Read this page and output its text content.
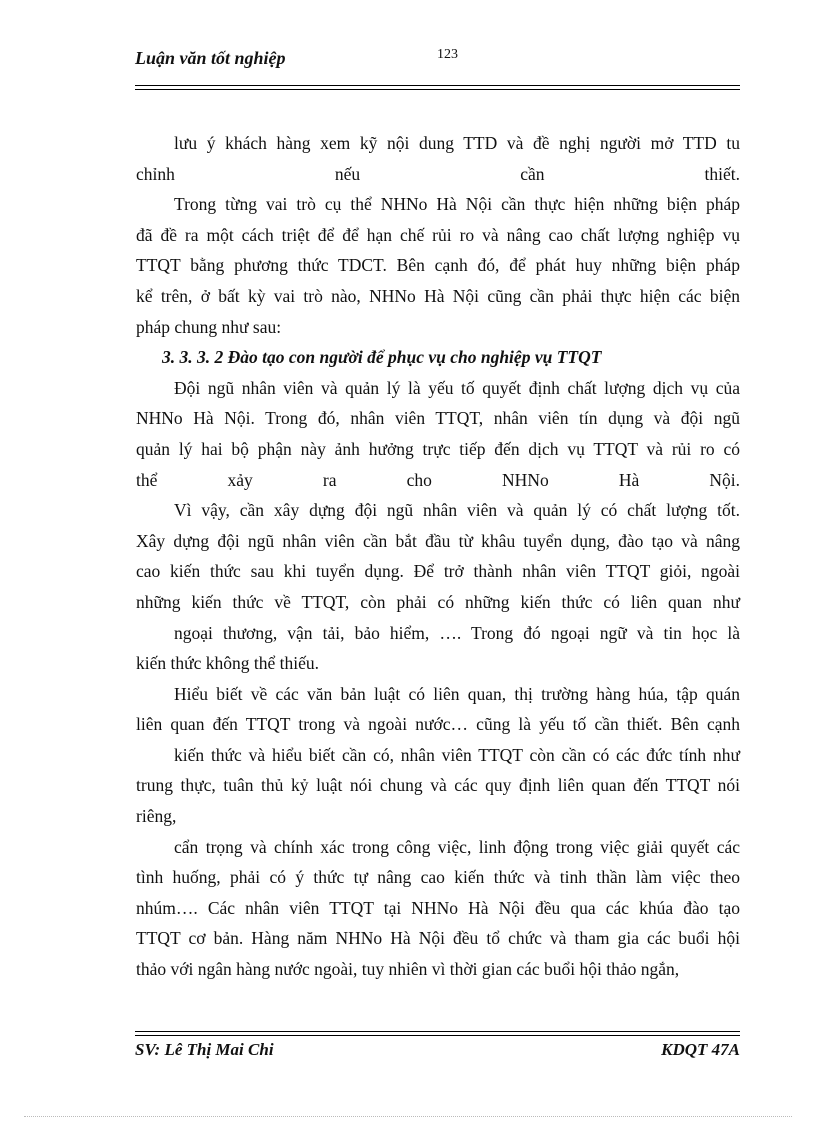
Luận văn tốt nghiệp	123

lưu ý khách hàng xem kỹ nội dung TTD và đề nghị người mở TTD tu

chỉnh nếu cần thiết.

Trong từng vai trò cụ thể NHNo Hà Nội cần thực hiện những biện pháp

đã đề ra một cách triệt để để hạn chế rủi ro và nâng cao chất lượng nghiệp vụ

TTQT bằng phương thức TDCT. Bên cạnh đó, để phát huy những biện pháp

kể trên, ở bất kỳ vai trò nào, NHNo Hà Nội cũng cần phải thực hiện các biện

pháp chung như sau:

3. 3. 3. 2 Đào tạo con người để phục vụ cho nghiệp vụ TTQT

Đội ngũ nhân viên và quản lý là yếu tố quyết định chất lượng dịch vụ của

NHNo Hà Nội. Trong đó, nhân viên TTQT, nhân viên tín dụng và đội ngũ

quản lý hai bộ phận này ảnh hưởng trực tiếp đến dịch vụ TTQT và rủi ro có

thể xảy ra cho NHNo Hà Nội.

Vì vậy, cần xây dựng đội ngũ nhân viên và quản lý có chất lượng tốt.

Xây dựng đội ngũ nhân viên cần bắt đầu từ khâu tuyển dụng, đào tạo và nâng

cao kiến thức sau khi tuyển dụng. Để trở thành nhân viên TTQT giỏi, ngoài

những kiến thức về TTQT, còn phải có những kiến thức có liên quan như

ngoại thương, vận tải, bảo hiểm, …. Trong đó ngoại ngữ và tin học là

kiến thức không thể thiếu.

Hiểu biết về các văn bản luật có liên quan, thị trường hàng húa, tập quán

liên quan đến TTQT trong và ngoài nước… cũng là yếu tố cần thiết. Bên cạnh

kiến thức và hiểu biết cần có, nhân viên TTQT còn cần có các đức tính như

trung thực, tuân thủ kỷ luật nói chung và các quy định liên quan đến TTQT nói

riêng,

cẩn trọng và chính xác trong công việc, linh động trong việc giải quyết các

tình huống, phải có ý thức tự nâng cao kiến thức và tinh thần làm việc theo

nhúm…. Các nhân viên TTQT tại NHNo Hà Nội đều qua các khúa đào tạo

TTQT cơ bản. Hàng năm NHNo Hà Nội đều tổ chức và tham gia các buổi hội

thảo với ngân hàng nước ngoài, tuy nhiên vì thời gian các buổi hội thảo ngắn,

SV: Lê Thị Mai Chi	KDQT 47A
